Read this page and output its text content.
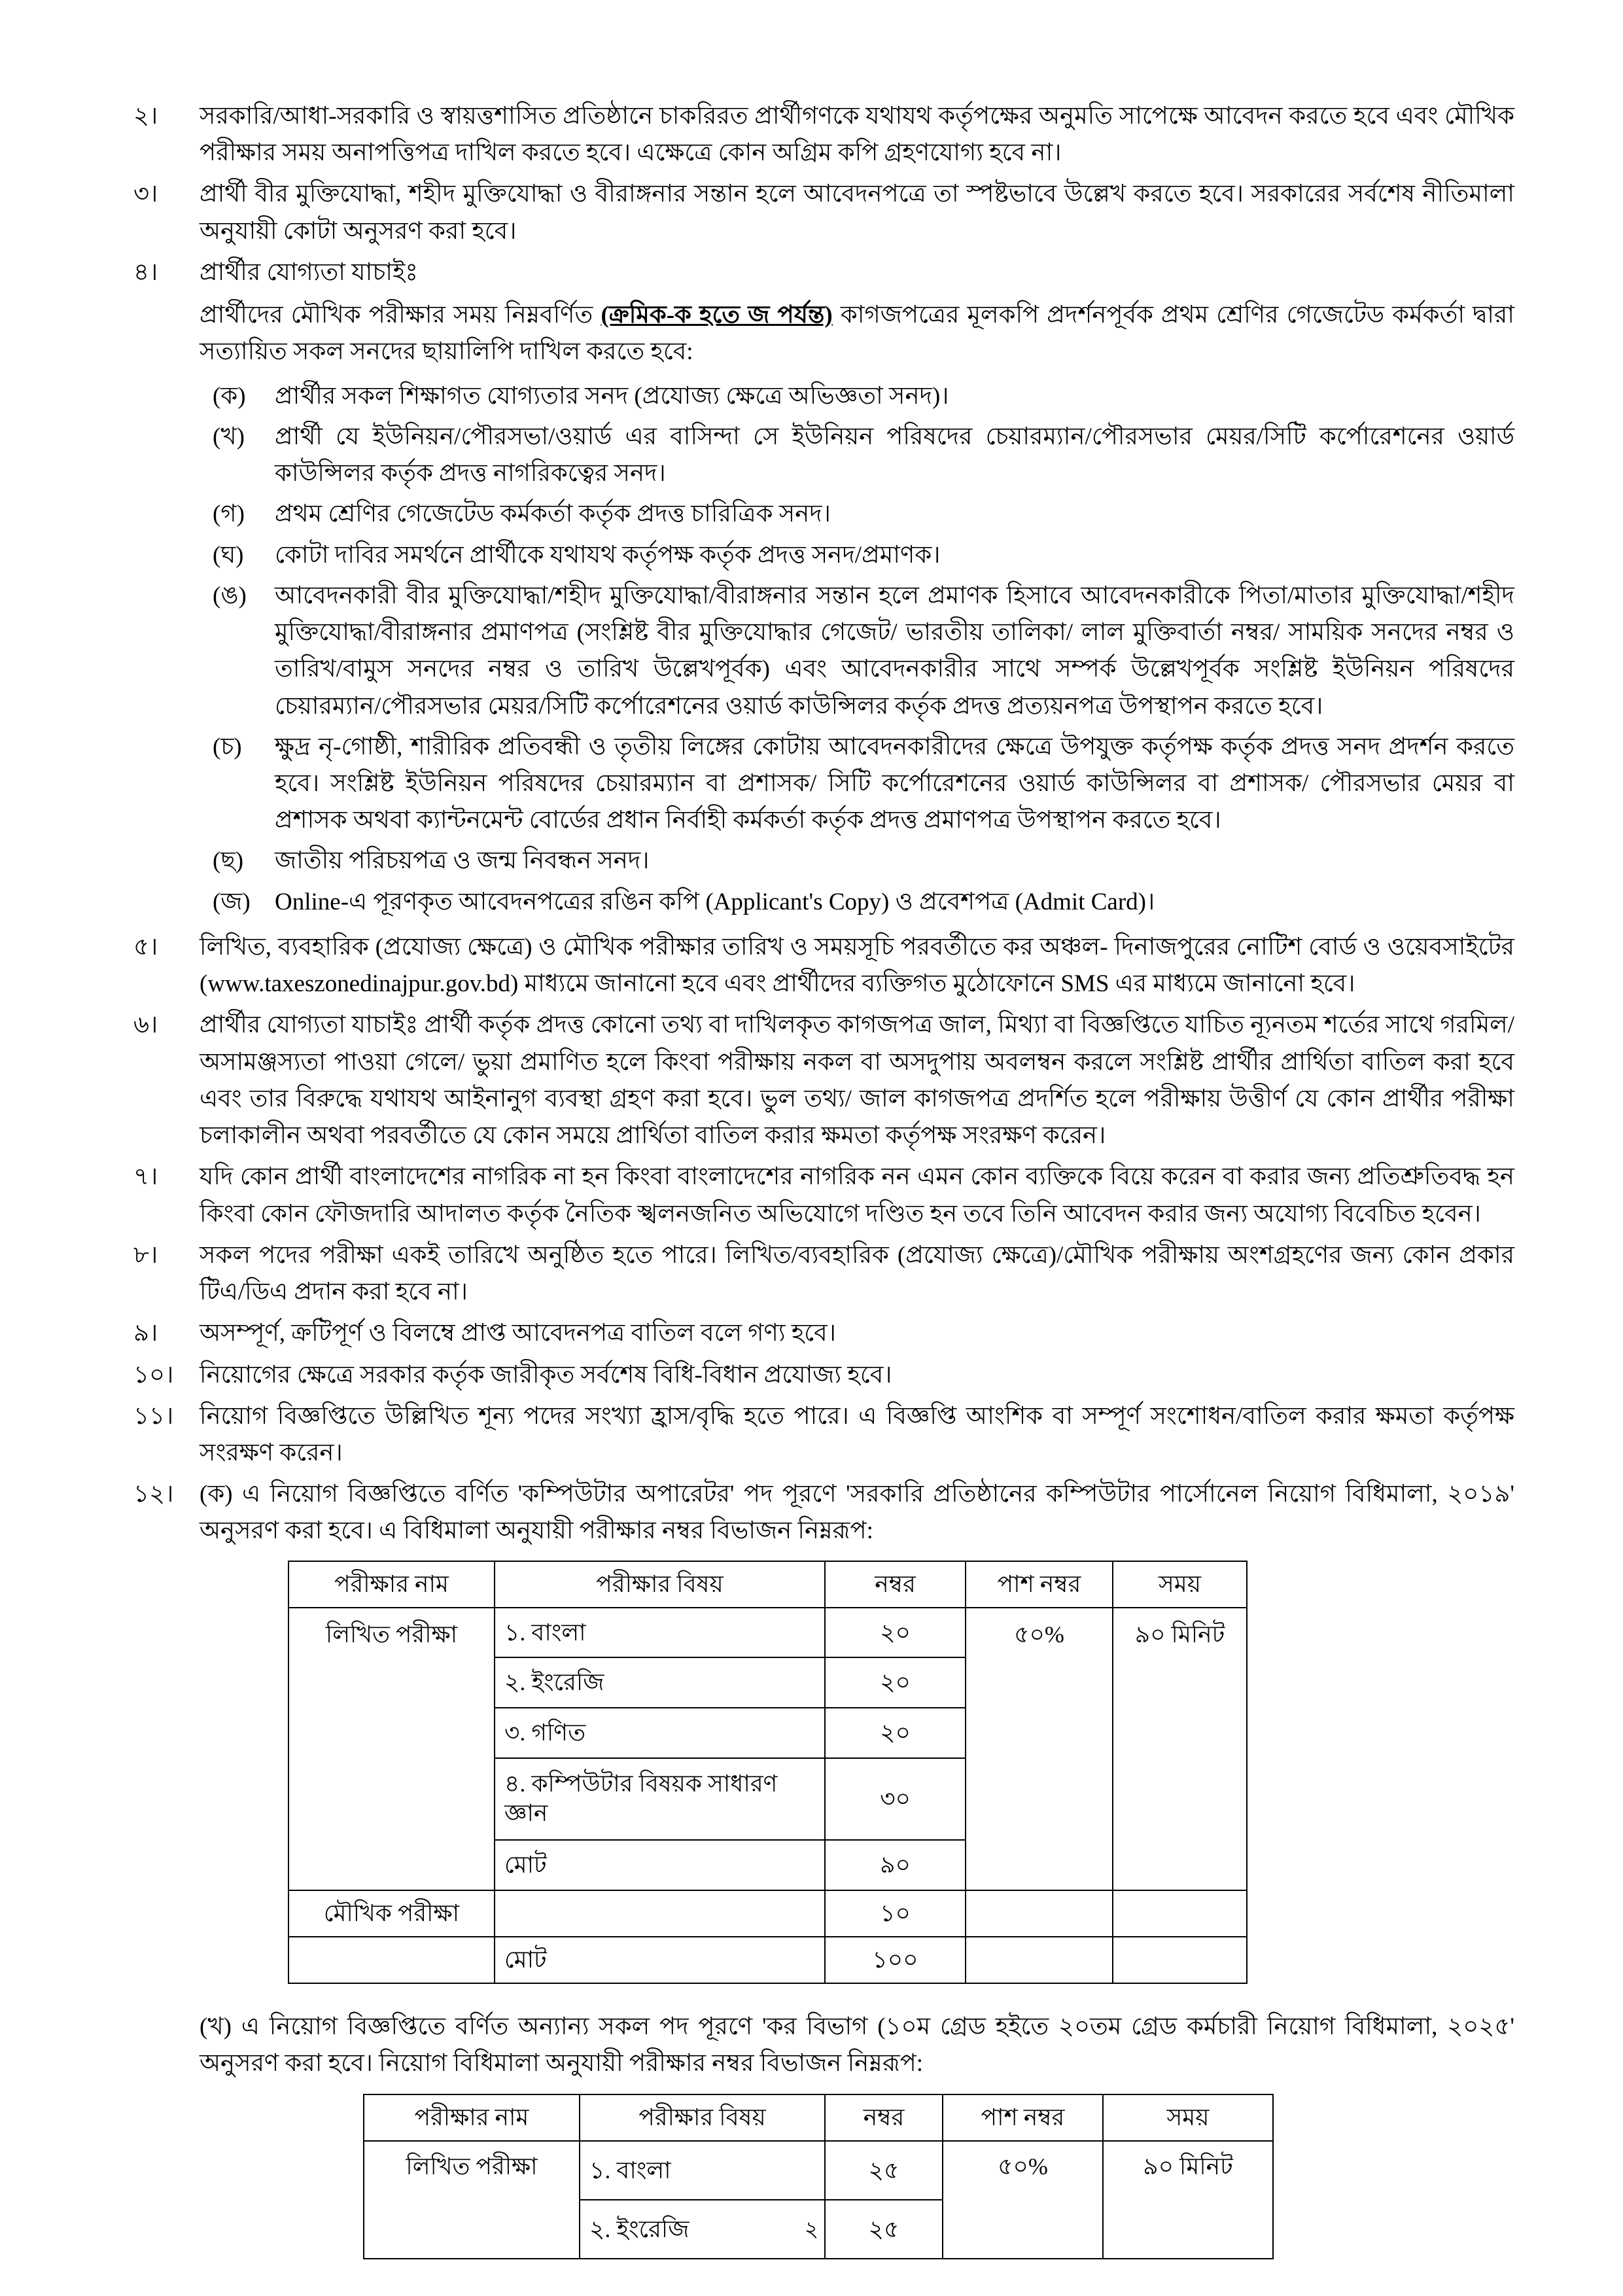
২।	সরকারি/আধা-সরকারি ও স্বায়ত্তশাসিত প্রতিষ্ঠানে চাকরিরত প্রার্থীগণকে যথাযথ কর্তৃপক্ষের অনুমতি সাপেক্ষে আবেদন করতে হবে এবং মৌখিক পরীক্ষার সময় অনাপত্তিপত্র দাখিল করতে হবে। এক্ষেত্রে কোন অগ্রিম কপি গ্রহণযোগ্য হবে না।
৩।	প্রার্থী বীর মুক্তিযোদ্ধা, শহীদ মুক্তিযোদ্ধা ও বীরাঙ্গনার সন্তান হলে আবেদনপত্রে তা স্পষ্টভাবে উল্লেখ করতে হবে। সরকারের সর্বশেষ নীতিমালা অনুযায়ী কোটা অনুসরণ করা হবে।
৪।	প্রার্থীর যোগ্যতা যাচাইঃ
প্রার্থীদের মৌখিক পরীক্ষার সময় নিম্নবর্ণিত (ক্রমিক-ক হতে জ পর্যন্ত) কাগজপত্রের মূলকপি প্রদর্শনপূর্বক প্রথম শ্রেণির গেজেটেড কর্মকর্তা দ্বারা সত্যায়িত সকল সনদের ছায়ালিপি দাখিল করতে হবে:
(ক)	প্রার্থীর সকল শিক্ষাগত যোগ্যতার সনদ (প্রযোজ্য ক্ষেত্রে অভিজ্ঞতা সনদ)।
(খ)	প্রার্থী যে ইউনিয়ন/পৌরসভা/ওয়ার্ড এর বাসিন্দা সে ইউনিয়ন পরিষদের চেয়ারম্যান/পৌরসভার মেয়র/সিটি কর্পোরেশনের ওয়ার্ড কাউন্সিলর কর্তৃক প্রদত্ত নাগরিকত্বের সনদ।
(গ)	প্রথম শ্রেণির গেজেটেড কর্মকর্তা কর্তৃক প্রদত্ত চারিত্রিক সনদ।
(ঘ)	কোটা দাবির সমর্থনে প্রার্থীকে যথাযথ কর্তৃপক্ষ কর্তৃক প্রদত্ত সনদ/প্রমাণক।
(ঙ)	আবেদনকারী বীর মুক্তিযোদ্ধা/শহীদ মুক্তিযোদ্ধা/বীরাঙ্গনার সন্তান হলে প্রমাণক হিসাবে আবেদনকারীকে পিতা/মাতার মুক্তিযোদ্ধা/শহীদ মুক্তিযোদ্ধা/বীরাঙ্গনার প্রমাণপত্র (সংশ্লিষ্ট বীর মুক্তিযোদ্ধার গেজেট/ ভারতীয় তালিকা/ লাল মুক্তিবার্তা নম্বর/ সাময়িক সনদের নম্বর ও তারিখ/বামুস সনদের নম্বর ও তারিখ উল্লেখপূর্বক) এবং আবেদনকারীর সাথে সম্পর্ক উল্লেখপূর্বক সংশ্লিষ্ট ইউনিয়ন পরিষদের চেয়ারম্যান/পৌরসভার মেয়র/সিটি কর্পোরেশনের ওয়ার্ড কাউন্সিলর কর্তৃক প্রদত্ত প্রত্যয়নপত্র উপস্থাপন করতে হবে।
(চ)	ক্ষুদ্র নৃ-গোষ্ঠী, শারীরিক প্রতিবন্ধী ও তৃতীয় লিঙ্গের কোটায় আবেদনকারীদের ক্ষেত্রে উপযুক্ত কর্তৃপক্ষ কর্তৃক প্রদত্ত সনদ প্রদর্শন করতে হবে। সংশ্লিষ্ট ইউনিয়ন পরিষদের চেয়ারম্যান বা প্রশাসক/ সিটি কর্পোরেশনের ওয়ার্ড কাউন্সিলর বা প্রশাসক/ পৌরসভার মেয়র বা প্রশাসক অথবা ক্যান্টনমেন্ট বোর্ডের প্রধান নির্বাহী কর্মকর্তা কর্তৃক প্রদত্ত প্রমাণপত্র উপস্থাপন করতে হবে।
(ছ)	জাতীয় পরিচয়পত্র ও জন্ম নিবন্ধন সনদ।
(জ)	Online-এ পূরণকৃত আবেদনপত্রের রঙিন কপি (Applicant's Copy) ও প্রবেশপত্র (Admit Card)।
৫।	লিখিত, ব্যবহারিক (প্রযোজ্য ক্ষেত্রে) ও মৌখিক পরীক্ষার তারিখ ও সময়সূচি পরবর্তীতে কর অঞ্চল- দিনাজপুরের নোটিশ বোর্ড ও ওয়েবসাইটের (www.taxeszonedinajpur.gov.bd) মাধ্যমে জানানো হবে এবং প্রার্থীদের ব্যক্তিগত মুঠোফোনে SMS এর মাধ্যমে জানানো হবে।
৬।	প্রার্থীর যোগ্যতা যাচাইঃ প্রার্থী কর্তৃক প্রদত্ত কোনো তথ্য বা দাখিলকৃত কাগজপত্র জাল, মিথ্যা বা বিজ্ঞপ্তিতে যাচিত ন্যূনতম শর্তের সাথে গরমিল/ অসামঞ্জস্যতা পাওয়া গেলে/ ভুয়া প্রমাণিত হলে কিংবা পরীক্ষায় নকল বা অসদুপায় অবলম্বন করলে সংশ্লিষ্ট প্রার্থীর প্রার্থিতা বাতিল করা হবে এবং তার বিরুদ্ধে যথাযথ আইনানুগ ব্যবস্থা গ্রহণ করা হবে। ভুল তথ্য/ জাল কাগজপত্র প্রদর্শিত হলে পরীক্ষায় উত্তীর্ণ যে কোন প্রার্থীর পরীক্ষা চলাকালীন অথবা পরবর্তীতে যে কোন সময়ে প্রার্থিতা বাতিল করার ক্ষমতা কর্তৃপক্ষ সংরক্ষণ করেন।
৭।	যদি কোন প্রার্থী বাংলাদেশের নাগরিক না হন কিংবা বাংলাদেশের নাগরিক নন এমন কোন ব্যক্তিকে বিয়ে করেন বা করার জন্য প্রতিশ্রুতিবদ্ধ হন কিংবা কোন ফৌজদারি আদালত কর্তৃক নৈতিক স্খলনজনিত অভিযোগে দণ্ডিত হন তবে তিনি আবেদন করার জন্য অযোগ্য বিবেচিত হবেন।
৮।	সকল পদের পরীক্ষা একই তারিখে অনুষ্ঠিত হতে পারে। লিখিত/ব্যবহারিক (প্রযোজ্য ক্ষেত্রে)/মৌখিক পরীক্ষায় অংশগ্রহণের জন্য কোন প্রকার টিএ/ডিএ প্রদান করা হবে না।
৯।	অসম্পূর্ণ, ক্রটিপূর্ণ ও বিলম্বে প্রাপ্ত আবেদনপত্র বাতিল বলে গণ্য হবে।
১০।	নিয়োগের ক্ষেত্রে সরকার কর্তৃক জারীকৃত সর্বশেষ বিধি-বিধান প্রযোজ্য হবে।
১১।	নিয়োগ বিজ্ঞপ্তিতে উল্লিখিত শূন্য পদের সংখ্যা হ্রাস/বৃদ্ধি হতে পারে। এ বিজ্ঞপ্তি আংশিক বা সম্পূর্ণ সংশোধন/বাতিল করার ক্ষমতা কর্তৃপক্ষ সংরক্ষণ করেন।
১২।	(ক) এ নিয়োগ বিজ্ঞপ্তিতে বর্ণিত 'কম্পিউটার অপারেটর' পদ পূরণে 'সরকারি প্রতিষ্ঠানের কম্পিউটার পার্সোনেল নিয়োগ বিধিমালা, ২০১৯' অনুসরণ করা হবে। এ বিধিমালা অনুযায়ী পরীক্ষার নম্বর বিভাজন নিম্নরূপ:
পরীক্ষার নাম	পরীক্ষার বিষয়	নম্বর	পাশ নম্বর	সময়
লিখিত পরীক্ষা	১. বাংলা	২০	৫০%	৯০ মিনিট
	২. ইংরেজি	২০		
	৩. গণিত	২০		
	৪. কম্পিউটার বিষয়ক সাধারণ জ্ঞান	৩০		
	মোট	৯০		
মৌখিক পরীক্ষা		১০		
	মোট	১০০		
(খ) এ নিয়োগ বিজ্ঞপ্তিতে বর্ণিত অন্যান্য সকল পদ পূরণে 'কর বিভাগ (১০ম গ্রেড হইতে ২০তম গ্রেড কর্মচারী নিয়োগ বিধিমালা, ২০২৫' অনুসরণ করা হবে। নিয়োগ বিধিমালা অনুযায়ী পরীক্ষার নম্বর বিভাজন নিম্নরূপ:
পরীক্ষার নাম	পরীক্ষার বিষয়	নম্বর	পাশ নম্বর	সময়
লিখিত পরীক্ষা	১. বাংলা	২৫	৫০%	৯০ মিনিট
	২. ইংরেজি	২৫		
২
